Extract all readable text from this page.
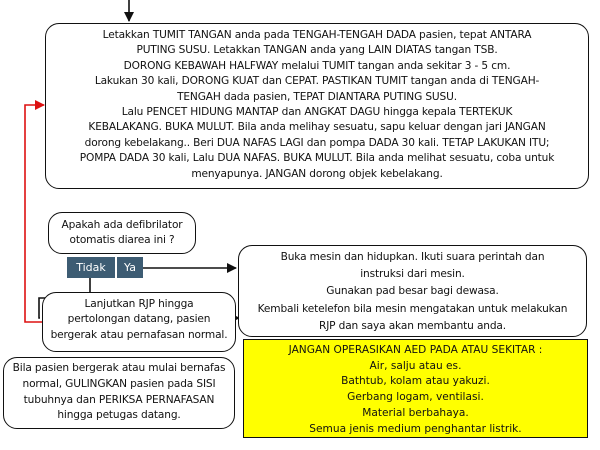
Letakkan TUMIT TANGAN anda pada TENGAH-TENGAH DADA pasien, tepat ANTARA

PUTING SUSU. Letakkan TANGAN anda yang LAIN DIATAS tangan TSB.

DORONG KEBAWAH HALFWAY melalui TUMIT tangan anda sekitar 3 - 5 cm.

Lakukan 30 kali, DORONG KUAT dan CEPAT. PASTIKAN TUMIT tangan anda di TENGAH-

TENGAH dada pasien, TEPAT DIANTARA PUTING SUSU.

Lalu PENCET HIDUNG MANTAP dan ANGKAT DAGU hingga kepala TERTEKUK

KEBALAKANG. BUKA MULUT. Bila anda melihay sesuatu, sapu keluar dengan jari JANGAN

dorong kebelakang.. Beri DUA NAFAS LAGI dan pompa DADA 30 kali. TETAP LAKUKAN ITU;

POMPA DADA 30 kali, Lalu DUA NAFAS. BUKA MULUT. Bila anda melihat sesuatu, coba untuk

menyapunya. JANGAN dorong objek kebelakang.

Apakah ada defibrilator

otomatis diarea ini ?

Tidak	Ya

Buka mesin dan hidupkan. Ikuti suara perintah dan

instruksi dari mesin.

Gunakan pad besar bagi dewasa.

Kembali ketelefon bila mesin mengatakan untuk melakukan

RJP dan saya akan membantu anda.

Lanjutkan RJP hingga

pertolongan datang, pasien

bergerak atau pernafasan normal.

Bila pasien bergerak atau mulai bernafas

normal, GULINGKAN pasien pada SISI

tubuhnya dan PERIKSA PERNAFASAN

hingga petugas datang.

JANGAN OPERASIKAN AED PADA ATAU SEKITAR :

Air, salju atau es.

Bathtub, kolam atau yakuzi.

Gerbang logam, ventilasi.

Material berbahaya.

Semua jenis medium penghantar listrik.
